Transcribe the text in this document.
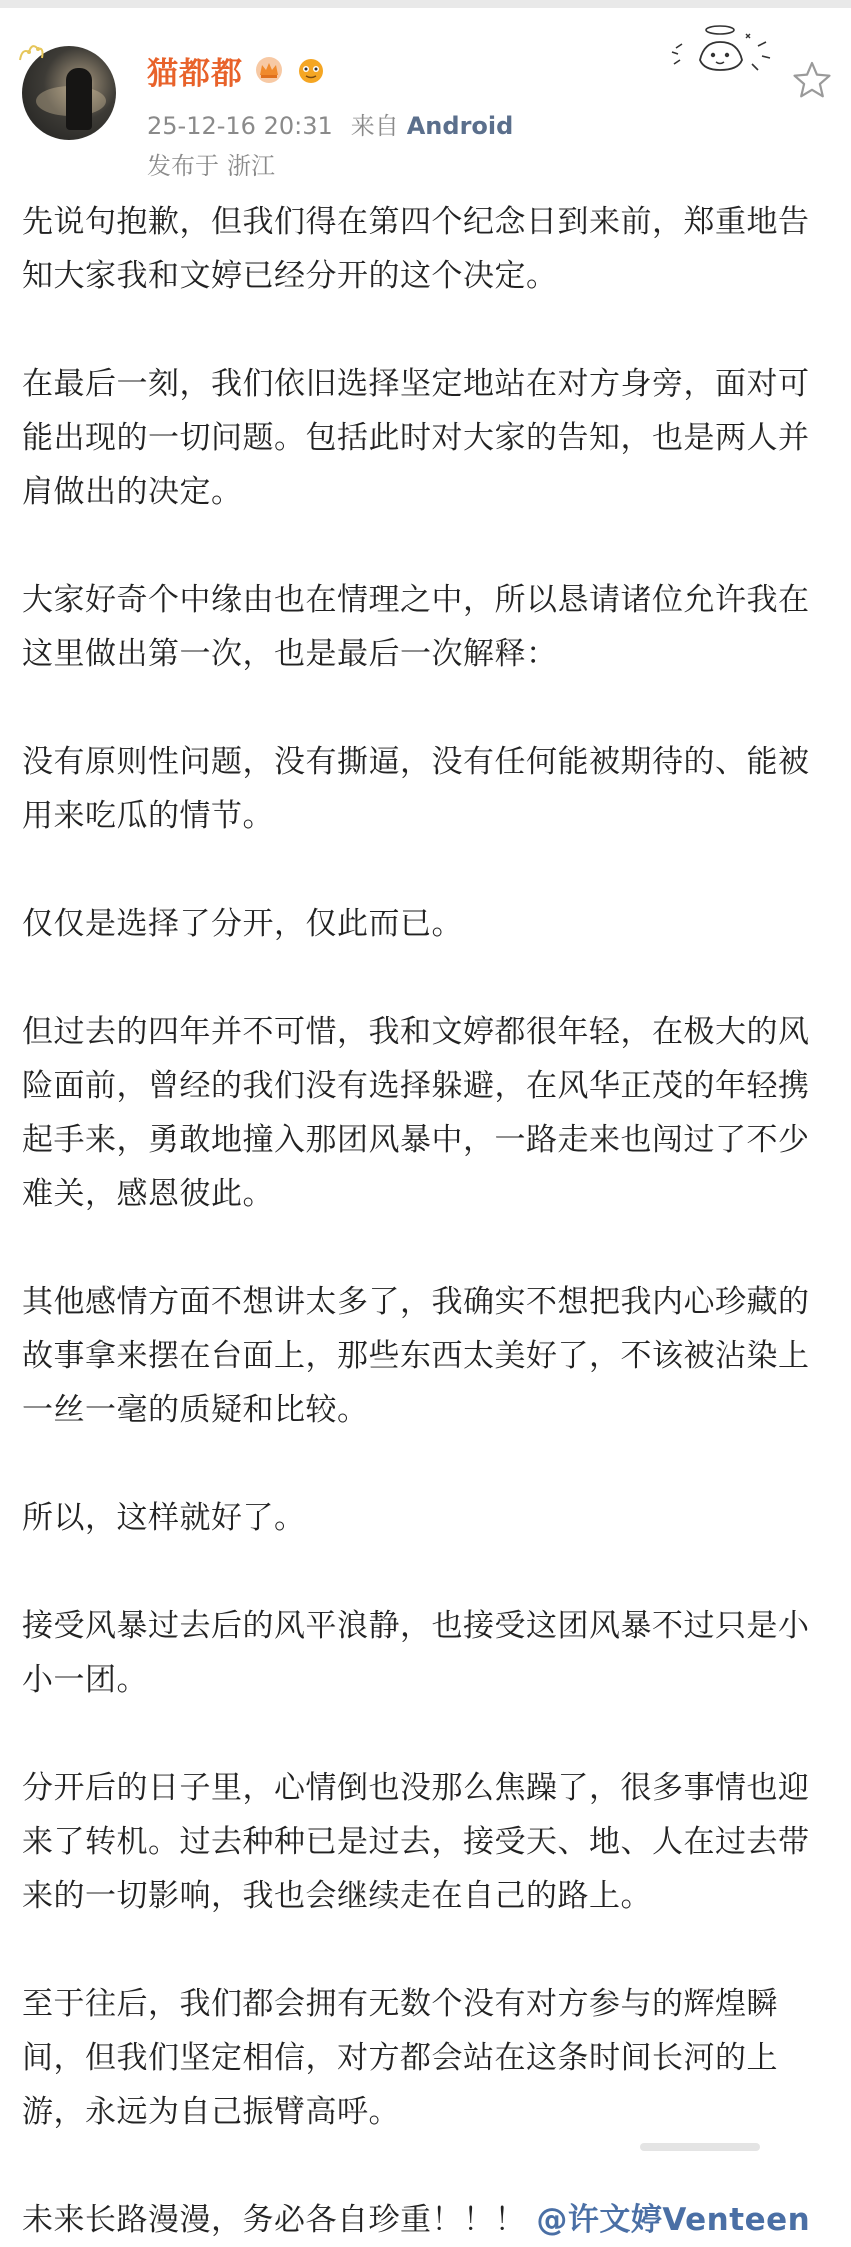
猫都都
25-12-16 20:31 来自 Android
发布于 浙江

先说句抱歉，但我们得在第四个纪念日到来前，郑重地告知大家我和文婷已经分开的这个决定。

在最后一刻，我们依旧选择坚定地站在对方身旁，面对可能出现的一切问题。包括此时对大家的告知，也是两人并肩做出的决定。

大家好奇个中缘由也在情理之中，所以恳请诸位允许我在这里做出第一次，也是最后一次解释：

没有原则性问题，没有撕逼，没有任何能被期待的、能被用来吃瓜的情节。

仅仅是选择了分开，仅此而已。

但过去的四年并不可惜，我和文婷都很年轻，在极大的风险面前，曾经的我们没有选择躲避，在风华正茂的年轻携起手来，勇敢地撞入那团风暴中，一路走来也闯过了不少难关，感恩彼此。

其他感情方面不想讲太多了，我确实不想把我内心珍藏的故事拿来摆在台面上，那些东西太美好了，不该被沾染上一丝一毫的质疑和比较。

所以，这样就好了。

接受风暴过去后的风平浪静，也接受这团风暴不过只是小小一团。

分开后的日子里，心情倒也没那么焦躁了，很多事情也迎来了转机。过去种种已是过去，接受天、地、人在过去带来的一切影响，我也会继续走在自己的路上。

至于往后，我们都会拥有无数个没有对方参与的辉煌瞬间，但我们坚定相信，对方都会站在这条时间长河的上游，永远为自己振臂高呼。

未来长路漫漫，务必各自珍重！！！ @许文婷Venteen
